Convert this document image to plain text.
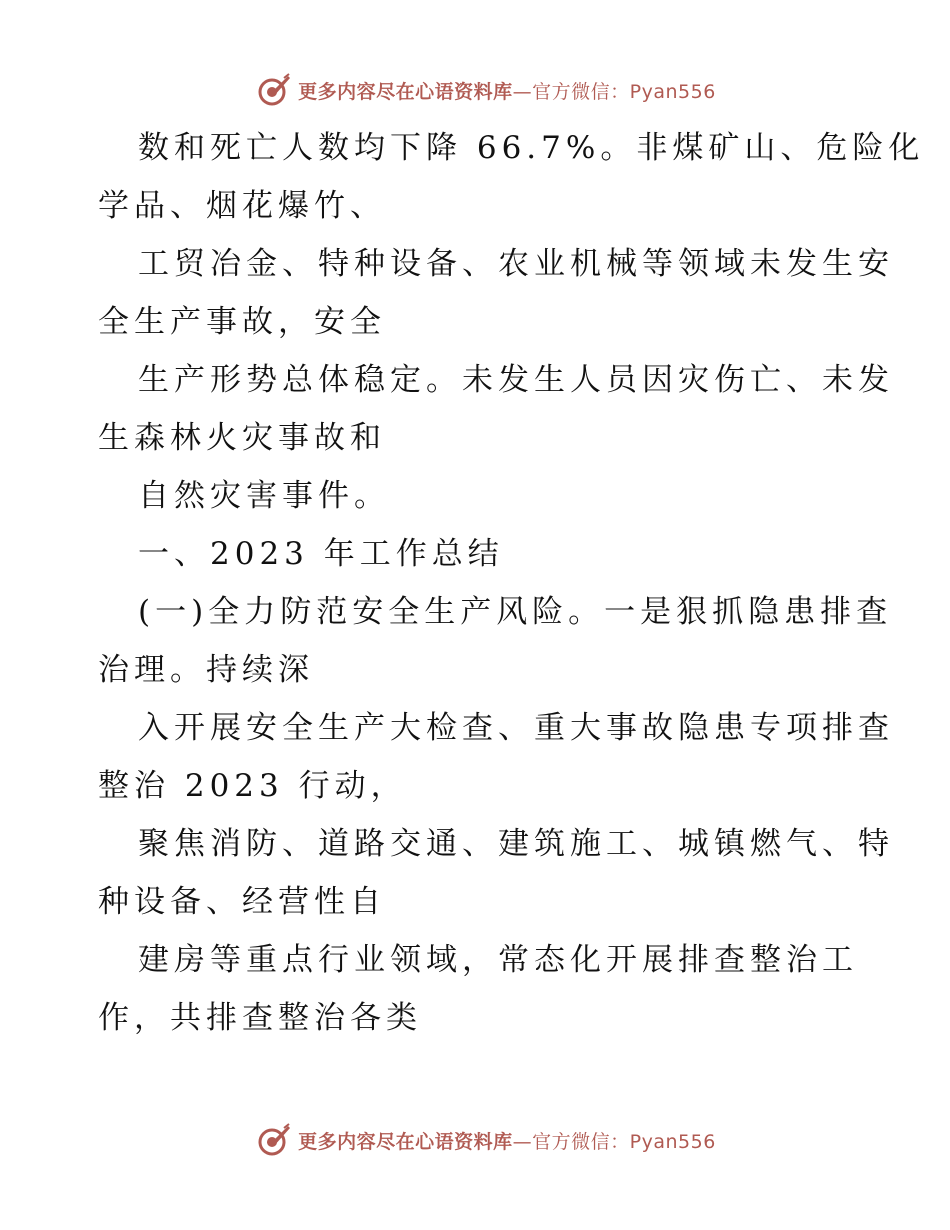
更多内容尽在心语资料库—官方微信：Pyan556
数和死亡人数均下降 66.7%。非煤矿山、危险化
学品、烟花爆竹、
工贸冶金、特种设备、农业机械等领域未发生安
全生产事故，安全
生产形势总体稳定。未发生人员因灾伤亡、未发
生森林火灾事故和
自然灾害事件。
一、2023 年工作总结
(一)全力防范安全生产风险。一是狠抓隐患排查
治理。持续深
入开展安全生产大检查、重大事故隐患专项排查
整治 2023 行动，
聚焦消防、道路交通、建筑施工、城镇燃气、特
种设备、经营性自
建房等重点行业领域，常态化开展排查整治工
作，共排查整治各类
更多内容尽在心语资料库—官方微信：Pyan556
